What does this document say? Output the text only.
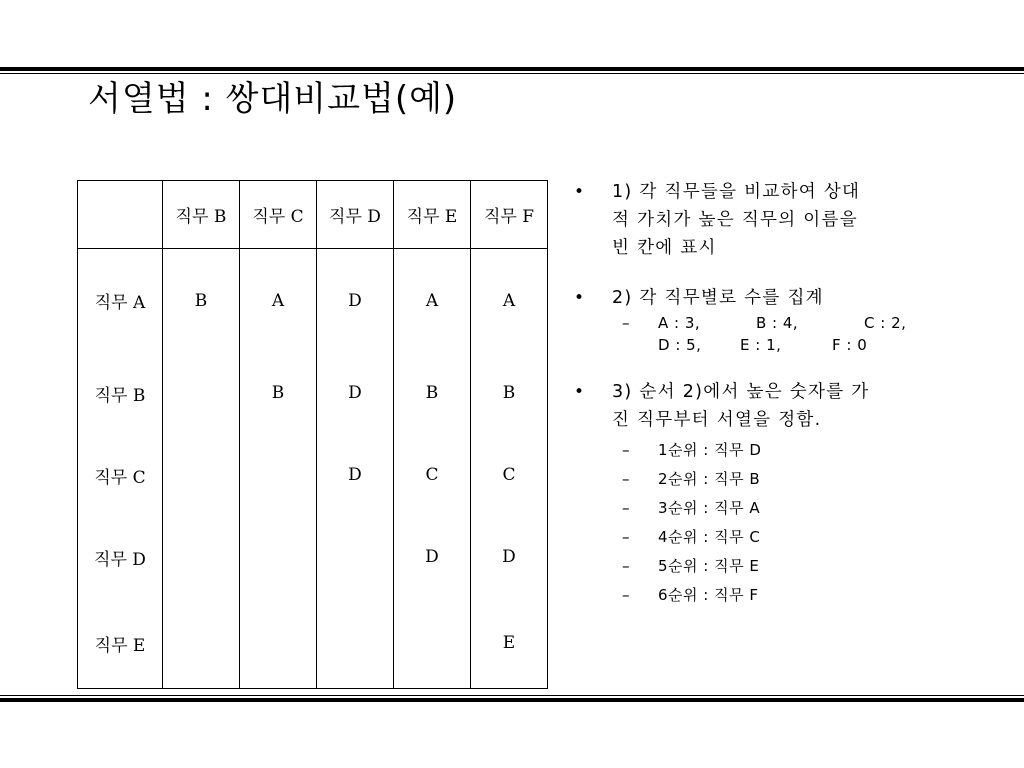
서열법 : 쌍대비교법(예)
	직무 B	직무 C	직무 D	직무 E	직무 F
직무 A	B	A	D	A	A
직무 B		B	D	B	B
직무 C			D	C	C
직무 D				D	D
직무 E					E
• 1) 각 직무들을 비교하여 상대
적 가치가 높은 직무의 이름을
빈 칸에 표시
• 2) 각 직무별로 수를 집계
– A : 3,	B : 4,	C : 2,
D : 5,	E : 1,	F : 0
• 3) 순서 2)에서 높은 숫자를 가
진 직무부터 서열을 정함.
– 1순위 : 직무 D
– 2순위 : 직무 B
– 3순위 : 직무 A
– 4순위 : 직무 C
– 5순위 : 직무 E
– 6순위 : 직무 F
